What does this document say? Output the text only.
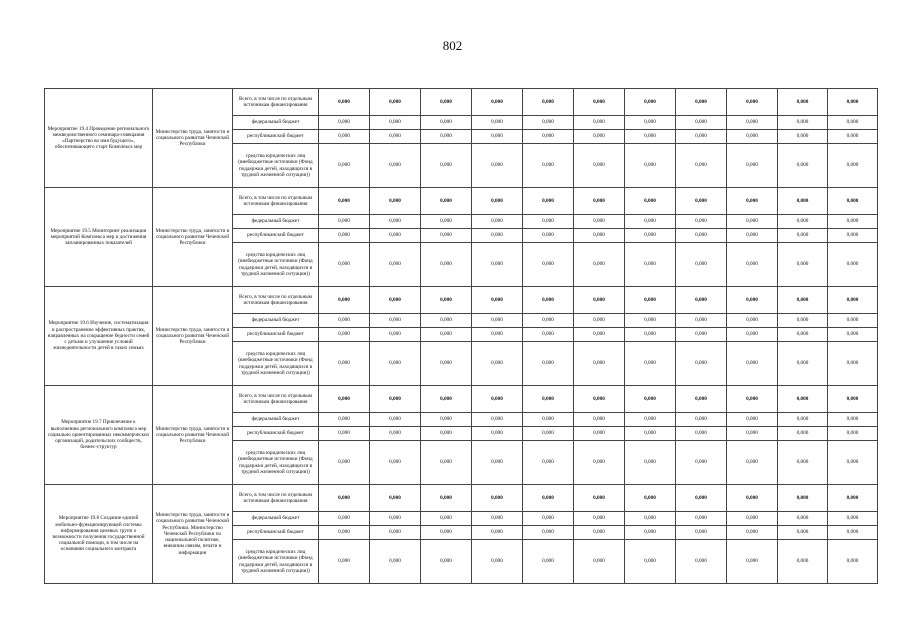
802
Мероприятие 19.4 Проведение регионального межведомственного семинара-совещания «Партнерство во имя будущего», обеспечивающего старт Комплекса мер	Министерство труда, занятости и социального развития Чеченской Республики	Всего, в том числе по отдельным источникам финансирования	0,000	0,000	0,000	0,000	0,000	0,000	0,000	0,000	0,000	0,000	0,000
		федеральный бюджет	0,000	0,000	0,000	0,000	0,000	0,000	0,000	0,000	0,000	0,000	0,000
		республиканский бюджет	0,000	0,000	0,000	0,000	0,000	0,000	0,000	0,000	0,000	0,000	0,000
		средства юридических лиц (внебюджетные источники (Фонд поддержки детей, находящихся в трудной жизненной ситуации))	0,000	0,000	0,000	0,000	0,000	0,000	0,000	0,000	0,000	0,000	0,000
Мероприятие 19.5 Мониторинг реализации мероприятий Комплекса мер и достижения запланированных показателей	Министерство труда, занятости и социального развития Чеченской Республики	Всего, в том числе по отдельным источникам финансирования	0,000	0,000	0,000	0,000	0,000	0,000	0,000	0,000	0,000	0,000	0,000
		федеральный бюджет	0,000	0,000	0,000	0,000	0,000	0,000	0,000	0,000	0,000	0,000	0,000
		республиканский бюджет	0,000	0,000	0,000	0,000	0,000	0,000	0,000	0,000	0,000	0,000	0,000
		средства юридических лиц (внебюджетные источники (Фонд поддержки детей, находящихся в трудной жизненной ситуации))	0,000	0,000	0,000	0,000	0,000	0,000	0,000	0,000	0,000	0,000	0,000
Мероприятие 19.6 Изучение, систематизация и распространение эффективных практик, направленных на сокращение бедности семей с детьми и улучшение условий жизнедеятельности детей в таких семьях	Министерство труда, занятости и социального развития Чеченской Республики	Всего, в том числе по отдельным источникам финансирования	0,000	0,000	0,000	0,000	0,000	0,000	0,000	0,000	0,000	0,000	0,000
		федеральный бюджет	0,000	0,000	0,000	0,000	0,000	0,000	0,000	0,000	0,000	0,000	0,000
		республиканский бюджет	0,000	0,000	0,000	0,000	0,000	0,000	0,000	0,000	0,000	0,000	0,000
		средства юридических лиц (внебюджетные источники (Фонд поддержки детей, находящихся в трудной жизненной ситуации))	0,000	0,000	0,000	0,000	0,000	0,000	0,000	0,000	0,000	0,000	0,000
Мероприятие 19.7 Привлечение к выполнению регионального комплекса мер социально ориентированных некоммерческих организаций, родительских сообществ, бизнес-структур	Министерство труда, занятости и социального развития Чеченской Республики	Всего, в том числе по отдельным источникам финансирования	0,000	0,000	0,000	0,000	0,000	0,000	0,000	0,000	0,000	0,000	0,000
		федеральный бюджет	0,000	0,000	0,000	0,000	0,000	0,000	0,000	0,000	0,000	0,000	0,000
		республиканский бюджет	0,000	0,000	0,000	0,000	0,000	0,000	0,000	0,000	0,000	0,000	0,000
		средства юридических лиц (внебюджетные источники (Фонд поддержки детей, находящихся в трудной жизненной ситуации))	0,000	0,000	0,000	0,000	0,000	0,000	0,000	0,000	0,000	0,000	0,000
Мероприятие 19.8 Создание единой мобильно-функционирующей системы информирования целевых групп о возможности получения государственной социальной помощи, в том числе на основании социального контракта	Министерство труда, занятости и социального развития Чеченской Республики, Министерство Чеченской Республики по национальной политике, внешним связям, печати и информации	Всего, в том числе по отдельным источникам финансирования	0,000	0,000	0,000	0,000	0,000	0,000	0,000	0,000	0,000	0,000	0,000
		федеральный бюджет	0,000	0,000	0,000	0,000	0,000	0,000	0,000	0,000	0,000	0,000	0,000
		республиканский бюджет	0,000	0,000	0,000	0,000	0,000	0,000	0,000	0,000	0,000	0,000	0,000
		средства юридических лиц (внебюджетные источники (Фонд поддержки детей, находящихся в трудной жизненной ситуации))	0,000	0,000	0,000	0,000	0,000	0,000	0,000	0,000	0,000	0,000	0,000
